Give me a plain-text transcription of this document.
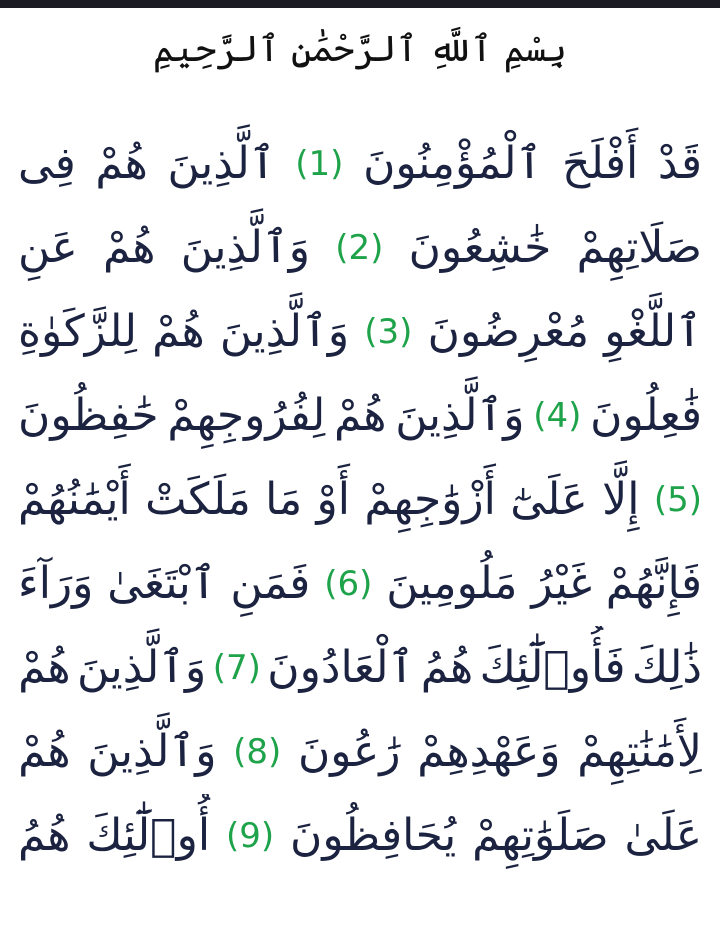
بِسْمِ ٱللَّهِ ٱلرَّحْمَٰنِ ٱلرَّحِيمِ
قَدْ
أَفْلَحَ
ٱلْمُؤْمِنُونَ
(1)
ٱلَّذِينَ
هُمْ
فِى
صَلَاتِهِمْ
خَٰشِعُونَ
(2)
وَٱلَّذِينَ
هُمْ
عَنِ
ٱللَّغْوِ
مُعْرِضُونَ
(3)
وَٱلَّذِينَ
هُمْ
لِلزَّكَوٰةِ
فَٰعِلُونَ
(4)
وَٱلَّذِينَ
هُمْ
لِفُرُوجِهِمْ
حَٰفِظُونَ
(5)
إِلَّا
عَلَىٰٓ
أَزْوَٰجِهِمْ
أَوْ
مَا
مَلَكَتْ
أَيْمَٰنُهُمْ
فَإِنَّهُمْ
غَيْرُ
مَلُومِينَ
(6)
فَمَنِ
ٱبْتَغَىٰ
وَرَآءَ
ذَٰلِكَ
فَأُو۟لَٰٓئِكَ
هُمُ
ٱلْعَادُونَ
(7)
وَٱلَّذِينَ
هُمْ
لِأَمَٰنَٰتِهِمْ
وَعَهْدِهِمْ
رَٰعُونَ
(8)
وَٱلَّذِينَ
هُمْ
عَلَىٰ
صَلَوَٰتِهِمْ
يُحَافِظُونَ
(9)
أُو۟لَٰٓئِكَ
هُمُ
